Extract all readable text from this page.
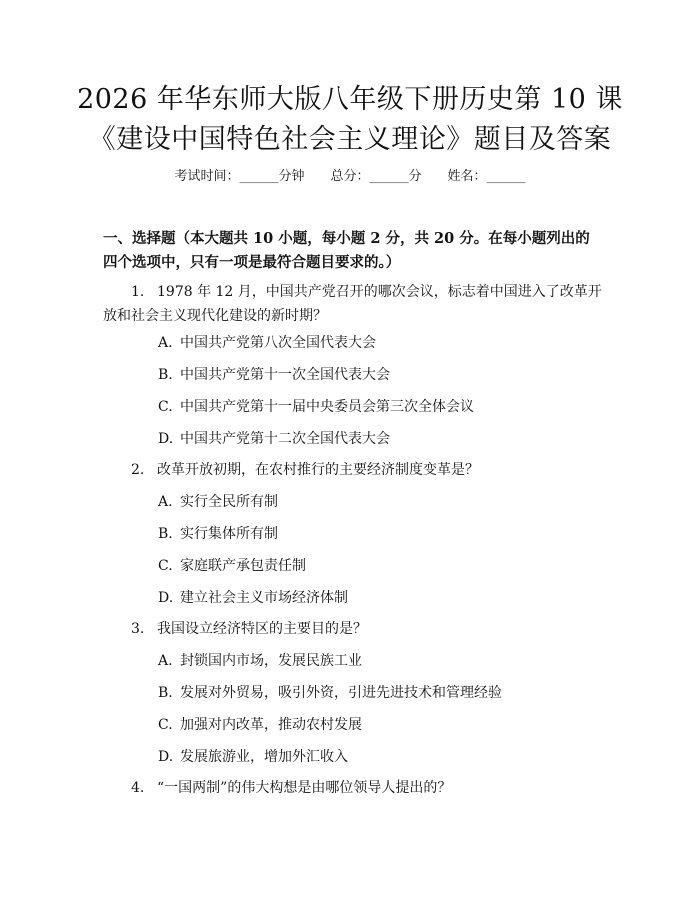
2026 年华东师大版八年级下册历史第 10 课
《建设中国特色社会主义理论》题目及答案
考试时间：______分钟 总分：______分 姓名：______
一、选择题（本大题共 10 小题，每小题 2 分，共 20 分。在每小题列出的四个选项中，只有一项是最符合题目要求的。）
1. 1978 年 12 月，中国共产党召开的哪次会议，标志着中国进入了改革开放和社会主义现代化建设的新时期？
A. 中国共产党第八次全国代表大会
B. 中国共产党第十一次全国代表大会
C. 中国共产党第十一届中央委员会第三次全体会议
D. 中国共产党第十二次全国代表大会
2. 改革开放初期，在农村推行的主要经济制度变革是？
A. 实行全民所有制
B. 实行集体所有制
C. 家庭联产承包责任制
D. 建立社会主义市场经济体制
3. 我国设立经济特区的主要目的是？
A. 封锁国内市场，发展民族工业
B. 发展对外贸易，吸引外资，引进先进技术和管理经验
C. 加强对内改革，推动农村发展
D. 发展旅游业，增加外汇收入
4. “一国两制”的伟大构想是由哪位领导人提出的？
